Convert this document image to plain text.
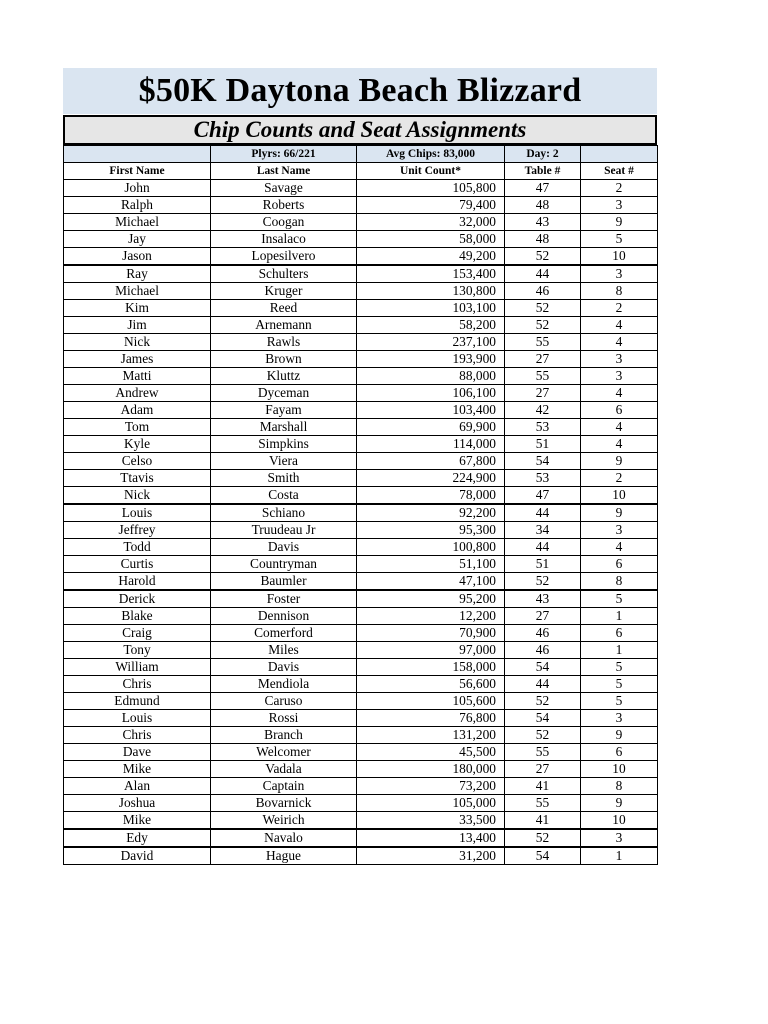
$50K Daytona Beach Blizzard
Chip Counts and Seat Assignments
	Plyrs: 66/221	Avg Chips: 83,000	Day: 2	
First Name	Last Name	Unit Count*	Table #	Seat #
John	Savage	105,800	47	2
Ralph	Roberts	79,400	48	3
Michael	Coogan	32,000	43	9
Jay	Insalaco	58,000	48	5
Jason	Lopesilvero	49,200	52	10
Ray	Schulters	153,400	44	3
Michael	Kruger	130,800	46	8
Kim	Reed	103,100	52	2
Jim	Arnemann	58,200	52	4
Nick	Rawls	237,100	55	4
James	Brown	193,900	27	3
Matti	Kluttz	88,000	55	3
Andrew	Dyceman	106,100	27	4
Adam	Fayam	103,400	42	6
Tom	Marshall	69,900	53	4
Kyle	Simpkins	114,000	51	4
Celso	Viera	67,800	54	9
Ttavis	Smith	224,900	53	2
Nick	Costa	78,000	47	10
Louis	Schiano	92,200	44	9
Jeffrey	Truudeau Jr	95,300	34	3
Todd	Davis	100,800	44	4
Curtis	Countryman	51,100	51	6
Harold	Baumler	47,100	52	8
Derick	Foster	95,200	43	5
Blake	Dennison	12,200	27	1
Craig	Comerford	70,900	46	6
Tony	Miles	97,000	46	1
William	Davis	158,000	54	5
Chris	Mendiola	56,600	44	5
Edmund	Caruso	105,600	52	5
Louis	Rossi	76,800	54	3
Chris	Branch	131,200	52	9
Dave	Welcomer	45,500	55	6
Mike	Vadala	180,000	27	10
Alan	Captain	73,200	41	8
Joshua	Bovarnick	105,000	55	9
Mike	Weirich	33,500	41	10
Edy	Navalo	13,400	52	3
David	Hague	31,200	54	1
